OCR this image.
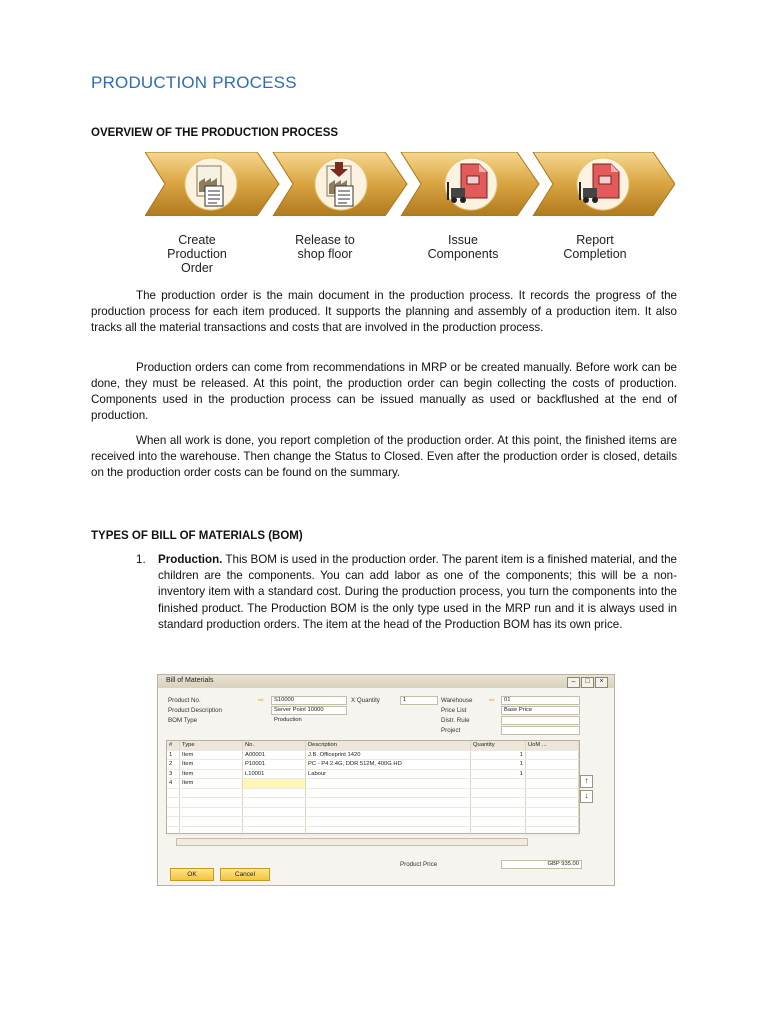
PRODUCTION PROCESS
OVERVIEW OF THE PRODUCTION PROCESS
Create
Production
Order
Release to
shop floor
Issue
Components
Report
Completion

The production order is the main document in the production process. It records the progress of the production process for each item produced. It supports the planning and assembly of a production item. It also tracks all the material transactions and costs that are involved in the production process.

Production orders can come from recommendations in MRP or be created manually. Before work can be done, they must be released. At this point, the production order can begin collecting the costs of production. Components used in the production process can be issued manually as used or backflushed at the end of production.

When all work is done, you report completion of the production order. At this point, the finished items are received into the warehouse. Then change the Status to Closed. Even after the production order is closed, details on the production order costs can be found on the summary.

TYPES OF BILL OF MATERIALS (BOM)
1. Production. This BOM is used in the production order. The parent item is a finished material, and the children are the components. You can add labor as one of the components; this will be a non-inventory item with a standard cost. During the production process, you turn the components into the finished product. The Production BOM is the only type used in the MRP run and it is always used in standard production orders. The item at the head of the Production BOM has its own price.
Bill of Materials	–	□	×
Product No.	⇨	S10000	X Quantity	1	Warehouse ⇨	01
Product Description	Server Point 10000	Price List	Base Price
BOM Type	Production	Distr. Rule
Project
#	Type	No.	Description	Quantity	UoM ...
1	Item	A00001	J.B. Officeprint 1420	1	
2	Item	P10001	PC - P4 2.4G, DDR 512M, 400G HD	1	
3	Item	L10001	Labour	1	
4	Item				

						↑
↓
Product Price	GBP 935.00
OK	Cancel
